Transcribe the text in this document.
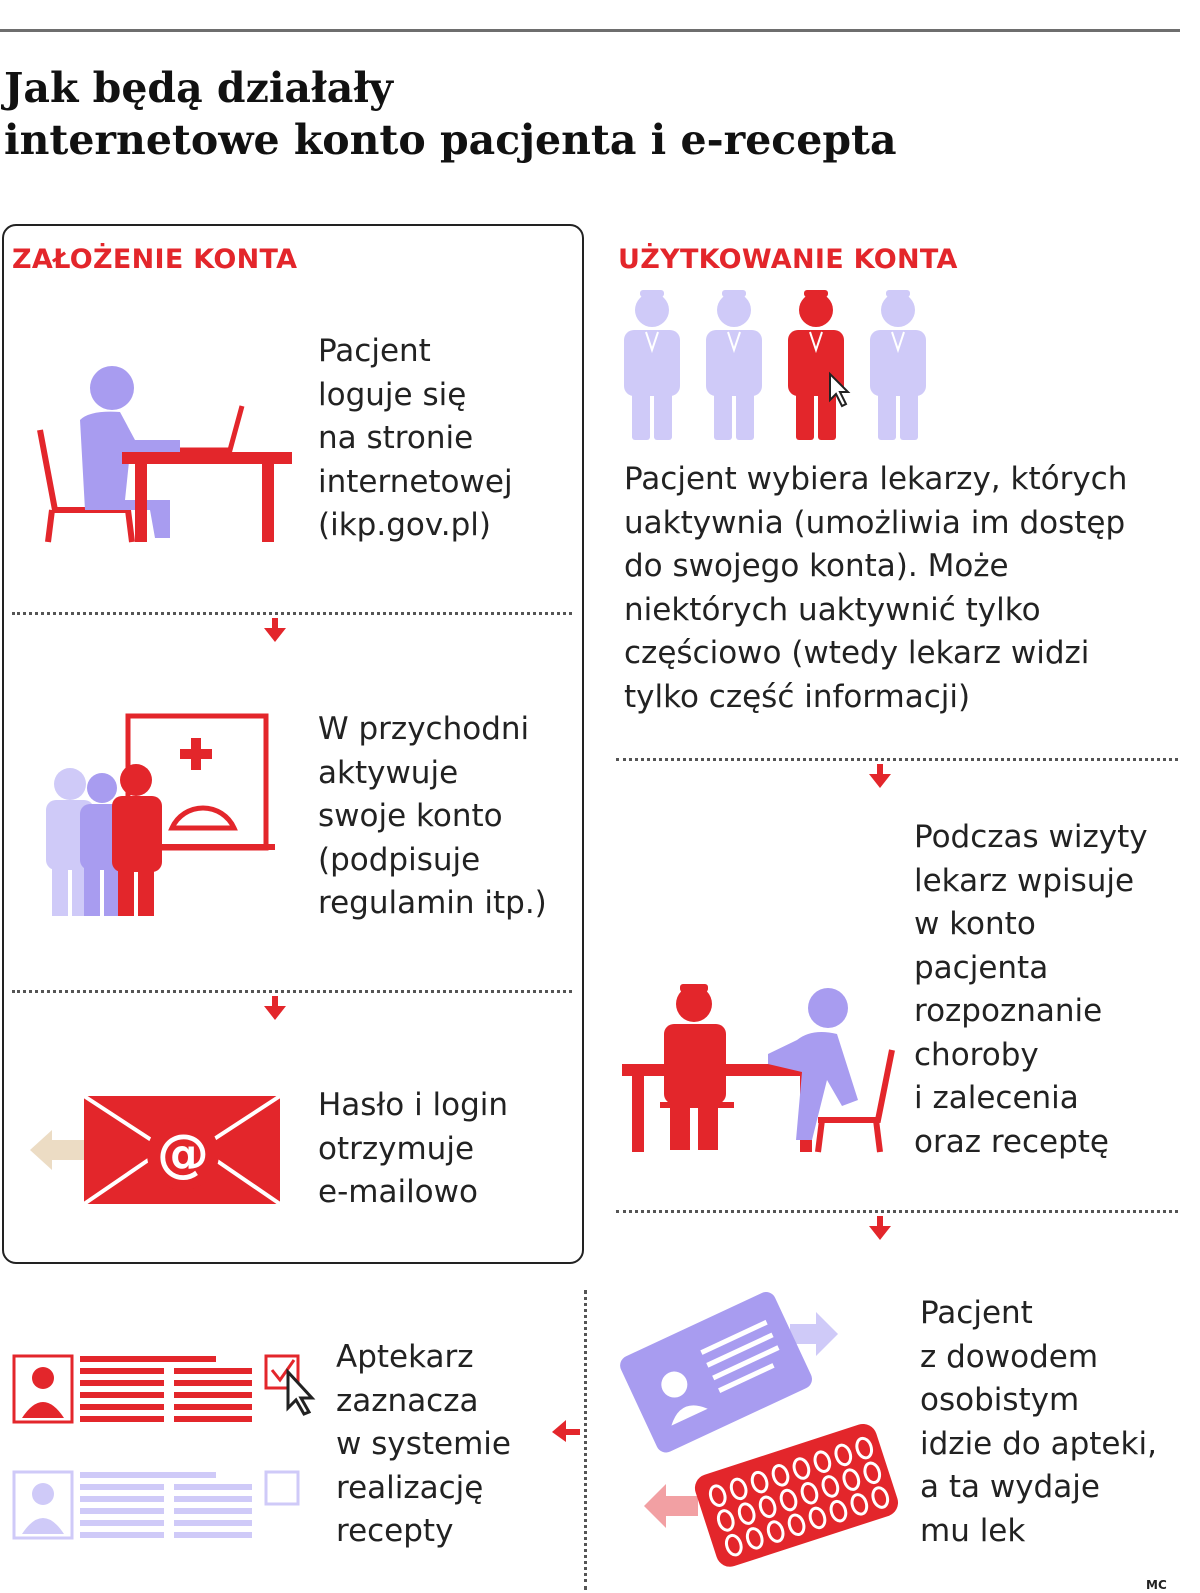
Jak będą działały
internetowe konto pacjenta i e-recepta
ZAŁOŻENIE KONTA
Pacjent
loguje się
na stronie
internetowej
(ikp.gov.pl)
W przychodni
aktywuje
swoje konto
(podpisuje
regulamin itp.)
@
Hasło i login
otrzymuje
e-mailowo
UŻYTKOWANIE KONTA
Pacjent wybiera lekarzy, których
uaktywnia (umożliwia im dostęp
do swojego konta). Może
niektórych uaktywnić tylko
częściowo (wtedy lekarz widzi
tylko część informacji)
Podczas wizyty
lekarz wpisuje
w konto
pacjenta
rozpoznanie
choroby
i zalecenia
oraz receptę
Pacjent
z dowodem
osobistym
idzie do apteki,
a ta wydaje
mu lek
Aptekarz
zaznacza
w systemie
realizację
recepty
MC
